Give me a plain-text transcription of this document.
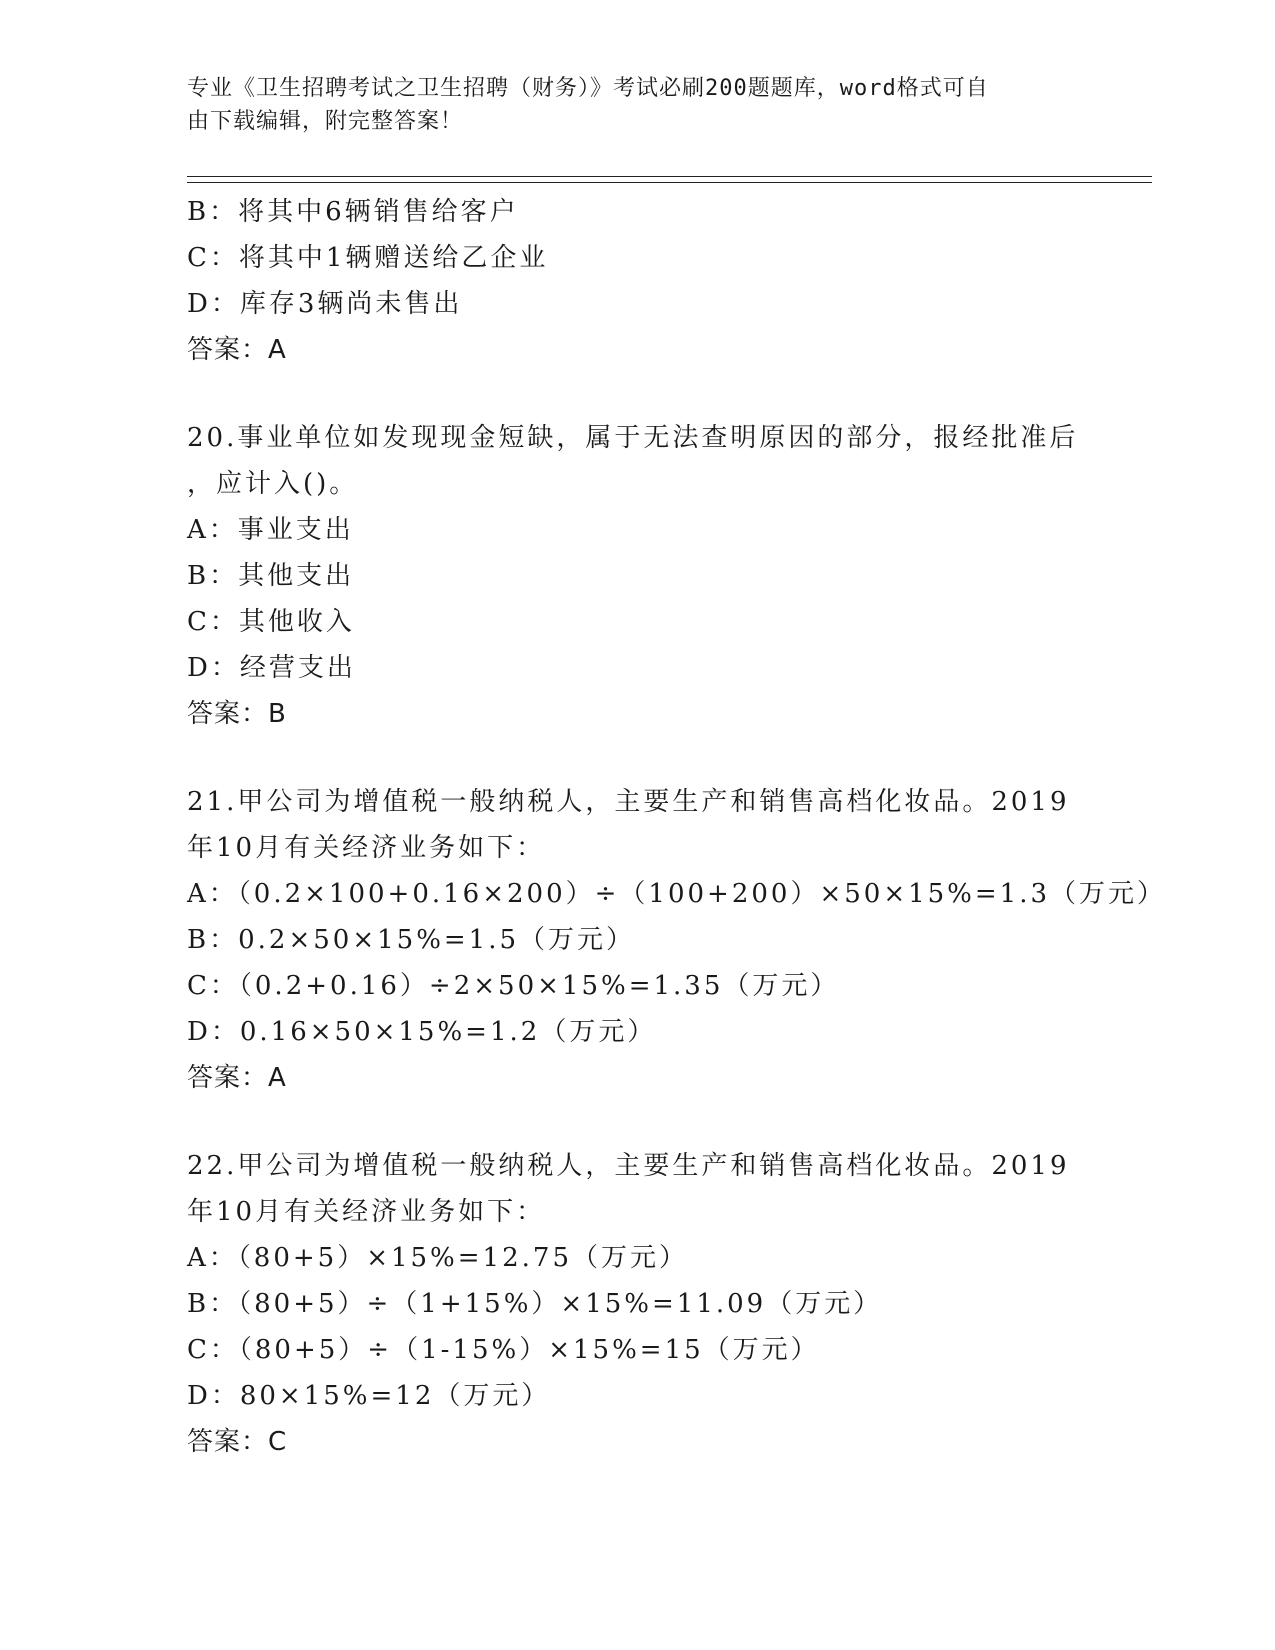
专业《卫生招聘考试之卫生招聘（财务）》考试必刷200题题库，word格式可自
由下载编辑，附完整答案！
B：将其中6辆销售给客户
C：将其中1辆赠送给乙企业
D：库存3辆尚未售出
答案：A
20.事业单位如发现现金短缺，属于无法查明原因的部分，报经批准后
，应计入()。
A：事业支出
B：其他支出
C：其他收入
D：经营支出
答案：B
21.甲公司为增值税一般纳税人，主要生产和销售高档化妆品。2019
年10月有关经济业务如下：
A：（0.2×100+0.16×200）÷（100+200）×50×15%=1.3（万元）
B：0.2×50×15%=1.5（万元）
C：（0.2+0.16）÷2×50×15%=1.35（万元）
D：0.16×50×15%=1.2（万元）
答案：A
22.甲公司为增值税一般纳税人，主要生产和销售高档化妆品。2019
年10月有关经济业务如下：
A：（80+5）×15%=12.75（万元）
B：（80+5）÷（1+15%）×15%=11.09（万元）
C：（80+5）÷（1-15%）×15%=15（万元）
D：80×15%=12（万元）
答案：C
